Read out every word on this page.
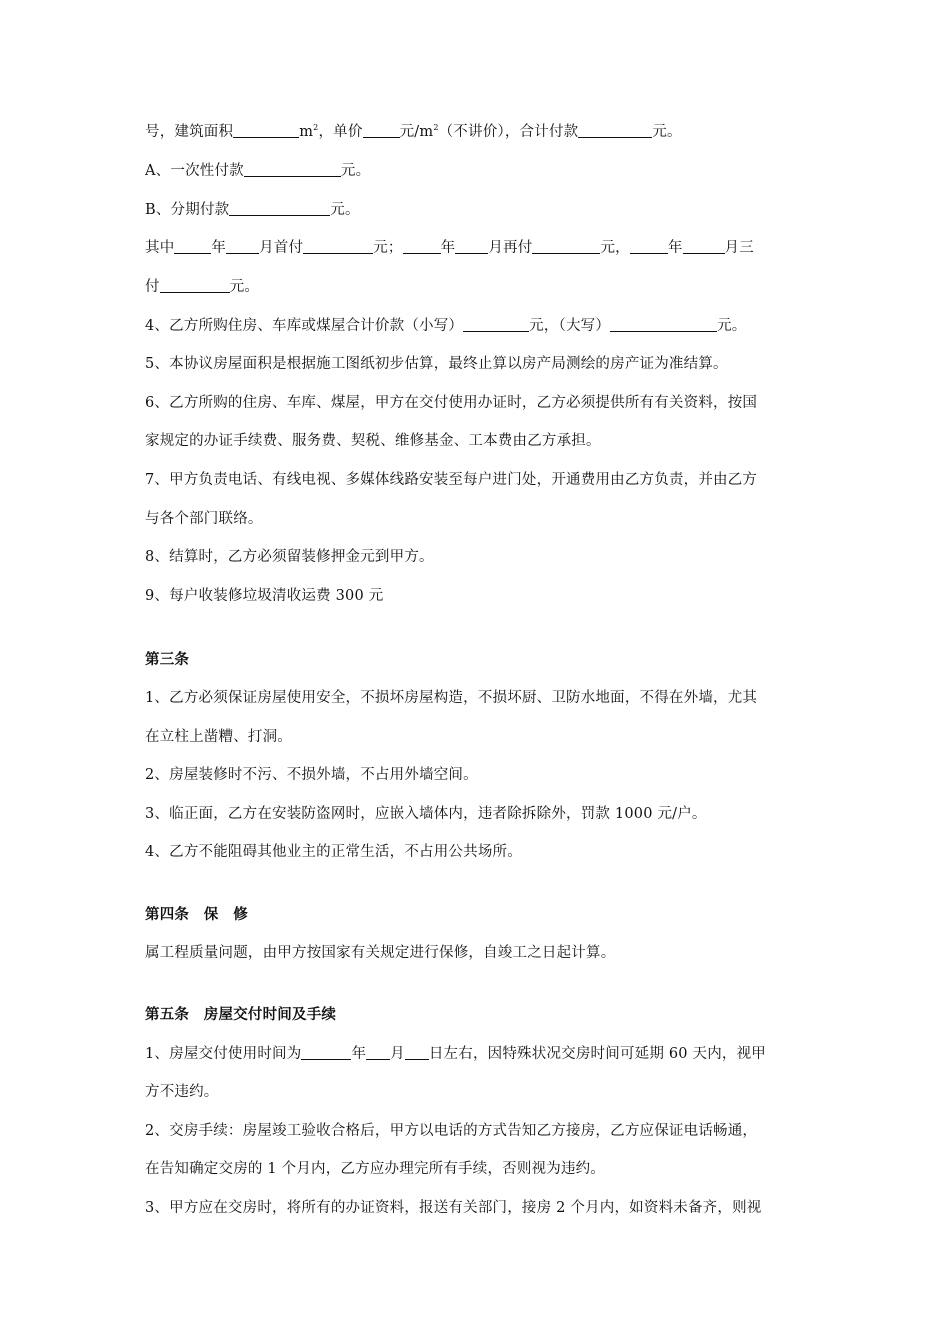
号，建筑面积	$m^2$，单价	元$/m^2$（不讲价），合计付款	元。
A、一次性付款	元。
B、分期付款	元。
其中	年 月首付	元；	年 月再付	元，	年	月三
付	元。
4、乙方所购住房、车库或煤屋合计价款（小写）	元，（大写）	元。
5、本协议房屋面积是根据施工图纸初步估算，最终止算以房产局测绘的房产证为准结算。
6、乙方所购的住房、车库、煤屋，甲方在交付使用办证时，乙方必须提供所有有关资料，按国
家规定的办证手续费、服务费、契税、维修基金、工本费由乙方承担。
7、甲方负责电话、有线电视、多媒体线路安装至每户进门处，开通费用由乙方负责，并由乙方
与各个部门联络。
8、结算时，乙方必须留装修押金元到甲方。
9、每户收装修垃圾清收运费 300 元
第三条
1、乙方必须保证房屋使用安全，不损坏房屋构造，不损坏厨、卫防水地面，不得在外墙，尤其
在立柱上凿糟、打洞。
2、房屋装修时不污、不损外墙，不占用外墙空间。
3、临正面，乙方在安装防盗网时，应嵌入墙体内，违者除拆除外，罚款 1000 元/户。
4、乙方不能阻碍其他业主的正常生活，不占用公共场所。
第四条　保　修
属工程质量问题，由甲方按国家有关规定进行保修，自竣工之日起计算。
第五条　房屋交付时间及手续
1、房屋交付使用时间为	年 月 日左右，因特殊状况交房时间可延期 60 天内，视甲
方不违约。
2、交房手续：房屋竣工验收合格后，甲方以电话的方式告知乙方接房，乙方应保证电话畅通，
在告知确定交房的 1 个月内，乙方应办理完所有手续，否则视为违约。
3、甲方应在交房时，将所有的办证资料，报送有关部门，接房 2 个月内，如资料未备齐，则视
